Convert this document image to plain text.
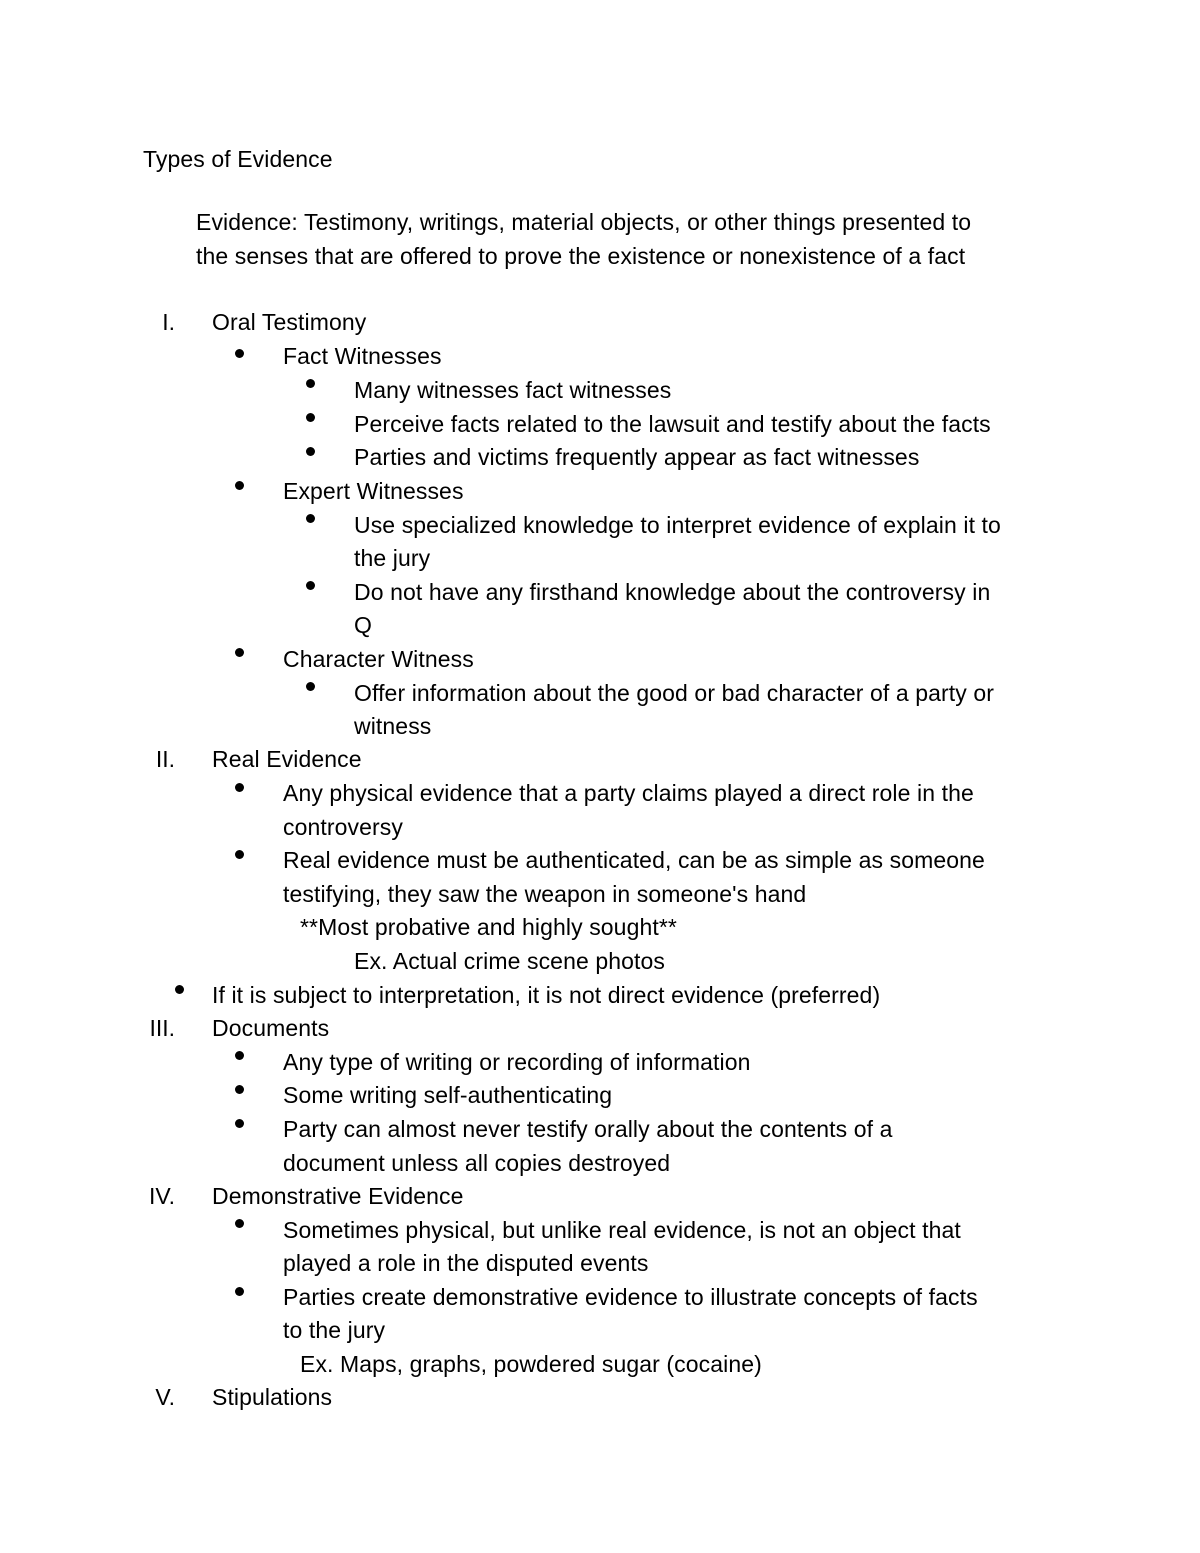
Types of Evidence
Evidence: Testimony, writings, material objects, or other things presented to
the senses that are offered to prove the existence or nonexistence of a fact
I. Oral Testimony
Fact Witnesses
Many witnesses fact witnesses
Perceive facts related to the lawsuit and testify about the facts
Parties and victims frequently appear as fact witnesses
Expert Witnesses
Use specialized knowledge to interpret evidence of explain it to
the jury
Do not have any firsthand knowledge about the controversy in
Q
Character Witness
Offer information about the good or bad character of a party or
witness
II. Real Evidence
Any physical evidence that a party claims played a direct role in the
controversy
Real evidence must be authenticated, can be as simple as someone
testifying, they saw the weapon in someone's hand
**Most probative and highly sought**
Ex. Actual crime scene photos
If it is subject to interpretation, it is not direct evidence (preferred)
III. Documents
Any type of writing or recording of information
Some writing self-authenticating
Party can almost never testify orally about the contents of a
document unless all copies destroyed
IV. Demonstrative Evidence
Sometimes physical, but unlike real evidence, is not an object that
played a role in the disputed events
Parties create demonstrative evidence to illustrate concepts of facts
to the jury
Ex. Maps, graphs, powdered sugar (cocaine)
V. Stipulations
